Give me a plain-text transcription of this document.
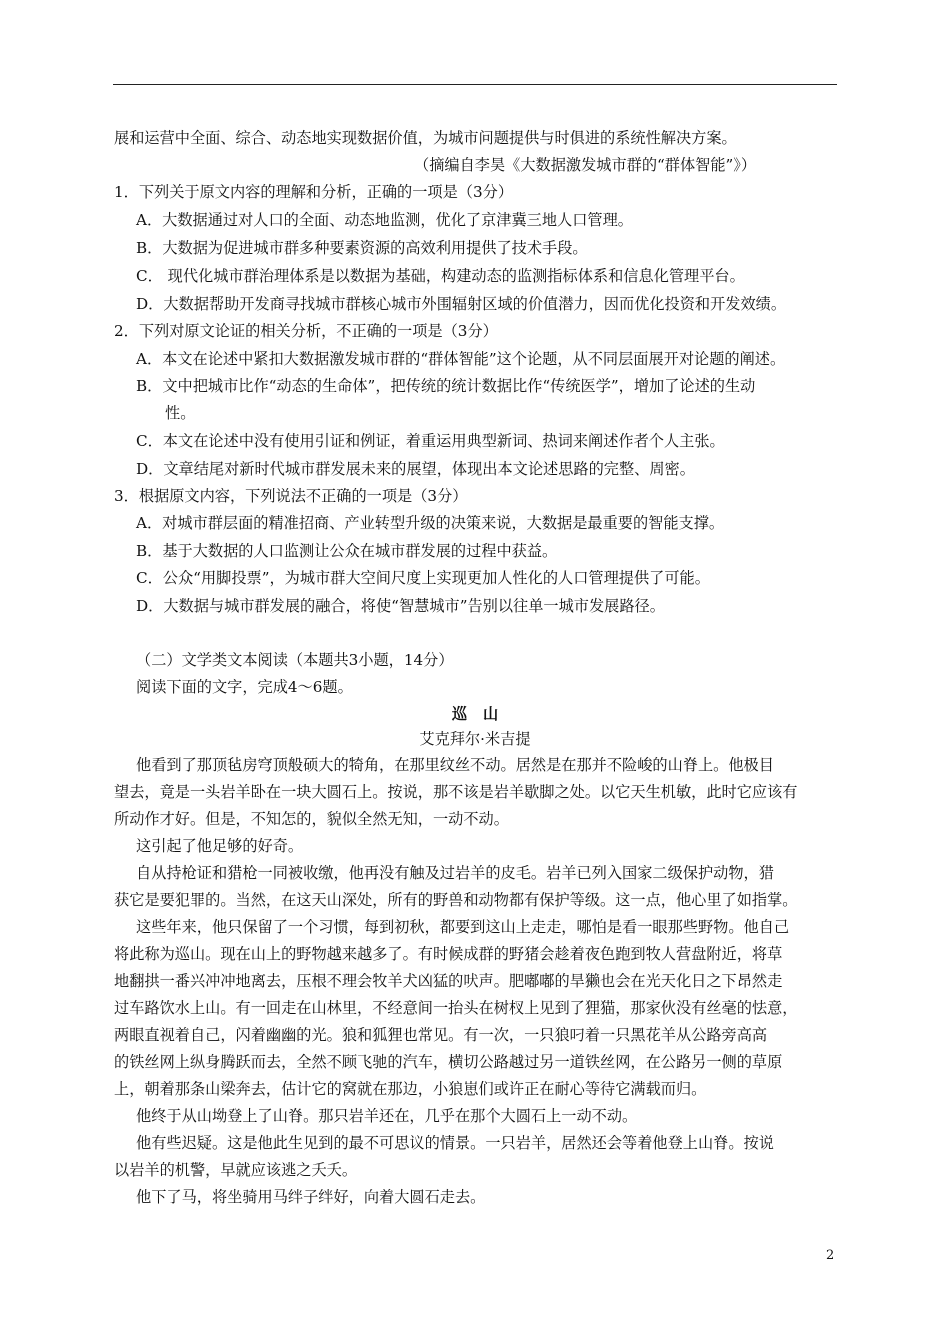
展和运营中全面、综合、动态地实现数据价值，为城市问题提供与时俱进的系统性解决方案。
（摘编自李昊《大数据激发城市群的“群体智能”》）
1．下列关于原文内容的理解和分析，正确的一项是（3分）
A．大数据通过对人口的全面、动态地监测，优化了京津冀三地人口管理。
B．大数据为促进城市群多种要素资源的高效利用提供了技术手段。
C． 现代化城市群治理体系是以数据为基础，构建动态的监测指标体系和信息化管理平台。
D．大数据帮助开发商寻找城市群核心城市外围辐射区域的价值潜力，因而优化投资和开发效绩。
2．下列对原文论证的相关分析，不正确的一项是（3分）
A．本文在论述中紧扣大数据激发城市群的“群体智能”这个论题，从不同层面展开对论题的阐述。
B．文中把城市比作“动态的生命体”，把传统的统计数据比作“传统医学”，增加了论述的生动
性。
C．本文在论述中没有使用引证和例证，着重运用典型新词、热词来阐述作者个人主张。
D．文章结尾对新时代城市群发展未来的展望，体现出本文论述思路的完整、周密。
3．根据原文内容，下列说法不正确的一项是（3分）
A．对城市群层面的精准招商、产业转型升级的决策来说，大数据是最重要的智能支撑。
B．基于大数据的人口监测让公众在城市群发展的过程中获益。
C．公众“用脚投票”，为城市群大空间尺度上实现更加人性化的人口管理提供了可能。
D．大数据与城市群发展的融合，将使“智慧城市”告别以往单一城市发展路径。
（二）文学类文本阅读（本题共3小题，14分）
阅读下面的文字，完成4～6题。
巡山
艾克拜尔·米吉提
他看到了那顶毡房穹顶般硕大的犄角，在那里纹丝不动。居然是在那并不险峻的山脊上。他极目
望去，竟是一头岩羊卧在一块大圆石上。按说，那不该是岩羊歇脚之处。以它天生机敏，此时它应该有
所动作才好。但是，不知怎的，貌似全然无知，一动不动。
这引起了他足够的好奇。
自从持枪证和猎枪一同被收缴，他再没有触及过岩羊的皮毛。岩羊已列入国家二级保护动物，猎
获它是要犯罪的。当然，在这天山深处，所有的野兽和动物都有保护等级。这一点，他心里了如指掌。
这些年来，他只保留了一个习惯，每到初秋，都要到这山上走走，哪怕是看一眼那些野物。他自己
将此称为巡山。现在山上的野物越来越多了。有时候成群的野猪会趁着夜色跑到牧人营盘附近，将草
地翻拱一番兴冲冲地离去，压根不理会牧羊犬凶猛的吠声。肥嘟嘟的旱獭也会在光天化日之下昂然走
过车路饮水上山。有一回走在山林里，不经意间一抬头在树杈上见到了狸猫，那家伙没有丝毫的怯意，
两眼直视着自己，闪着幽幽的光。狼和狐狸也常见。有一次，一只狼叼着一只黑花羊从公路旁高高
的铁丝网上纵身腾跃而去，全然不顾飞驰的汽车，横切公路越过另一道铁丝网，在公路另一侧的草原
上，朝着那条山梁奔去，估计它的窝就在那边，小狼崽们或许正在耐心等待它满载而归。
他终于从山坳登上了山脊。那只岩羊还在，几乎在那个大圆石上一动不动。
他有些迟疑。这是他此生见到的最不可思议的情景。一只岩羊，居然还会等着他登上山脊。按说
以岩羊的机警，早就应该逃之夭夭。
他下了马，将坐骑用马绊子绊好，向着大圆石走去。
2
